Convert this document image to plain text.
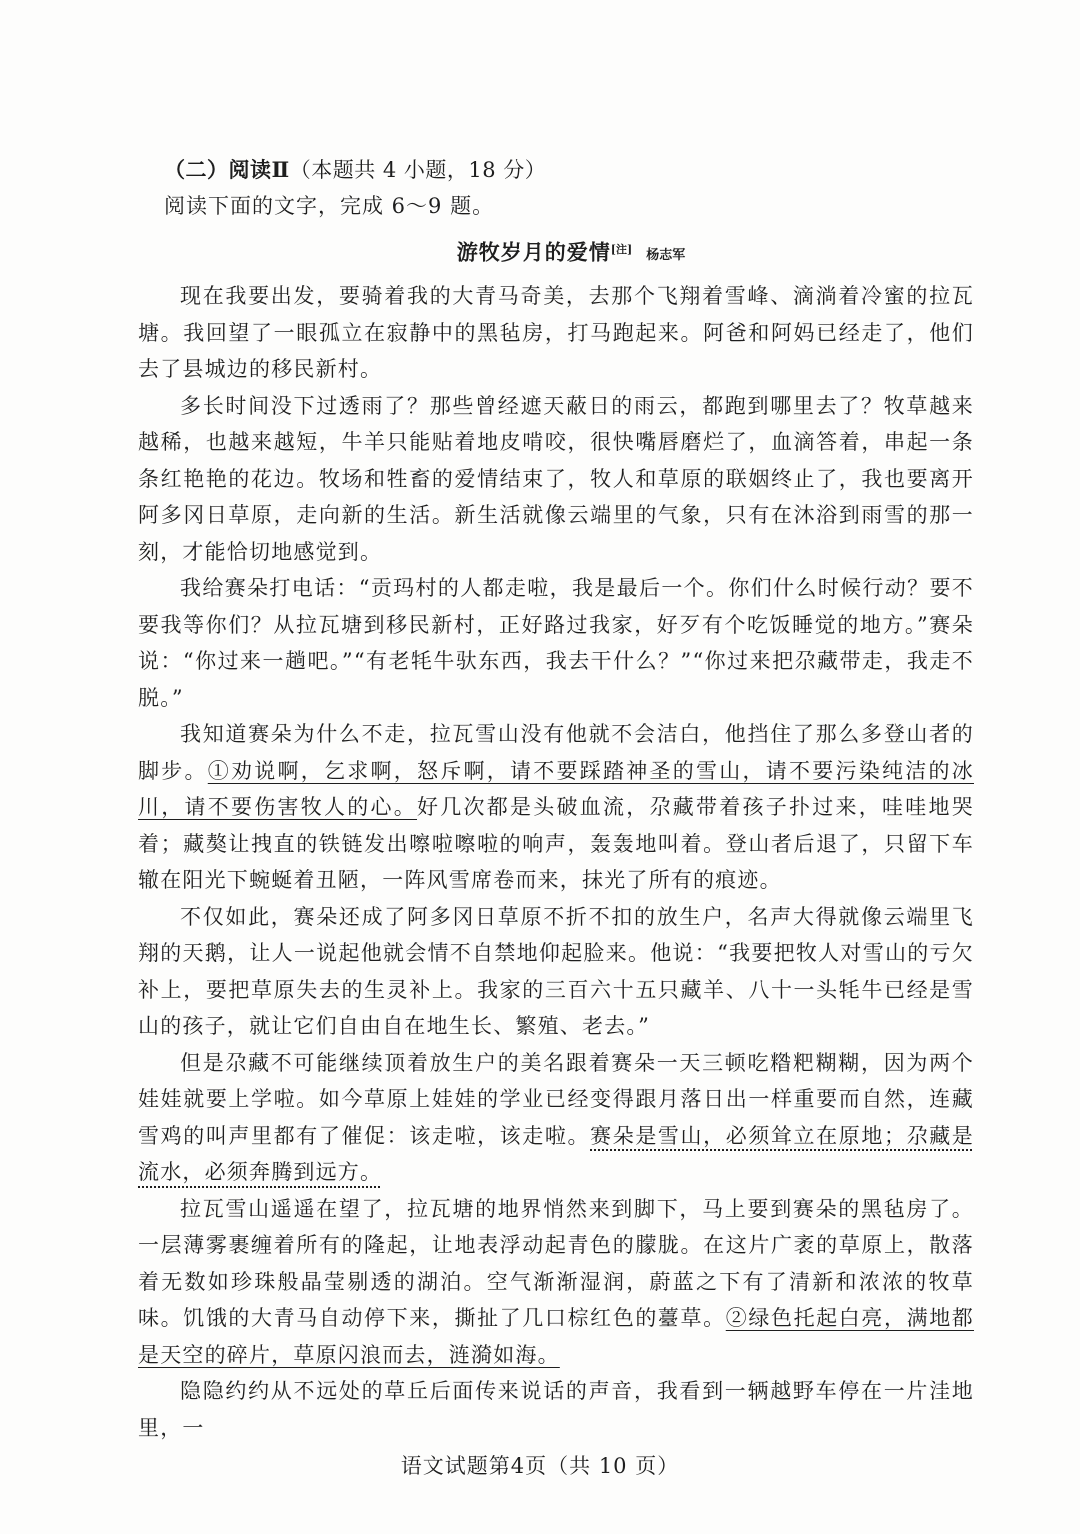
（二）阅读Ⅱ（本题共 4 小题，18 分）

阅读下面的文字，完成 6～9 题。

游牧岁月的爱情[注] 杨志军

现在我要出发，要骑着我的大青马奇美，去那个飞翔着雪峰、滴淌着冷蜜的拉瓦塘。我回望了一眼孤立在寂静中的黑毡房，打马跑起来。阿爸和阿妈已经走了，他们去了县城边的移民新村。

多长时间没下过透雨了？那些曾经遮天蔽日的雨云，都跑到哪里去了？牧草越来越稀，也越来越短，牛羊只能贴着地皮啃咬，很快嘴唇磨烂了，血滴答着，串起一条条红艳艳的花边。牧场和牲畜的爱情结束了，牧人和草原的联姻终止了，我也要离开阿多冈日草原，走向新的生活。新生活就像云端里的气象，只有在沐浴到雨雪的那一刻，才能恰切地感觉到。

我给赛朵打电话：“贡玛村的人都走啦，我是最后一个。你们什么时候行动？要不要我等你们？从拉瓦塘到移民新村，正好路过我家，好歹有个吃饭睡觉的地方。”赛朵说：“你过来一趟吧。”“有老牦牛驮东西，我去干什么？”“你过来把尕藏带走，我走不脱。”

我知道赛朵为什么不走，拉瓦雪山没有他就不会洁白，他挡住了那么多登山者的脚步。①劝说啊，乞求啊，怒斥啊，请不要踩踏神圣的雪山，请不要污染纯洁的冰川，请不要伤害牧人的心。好几次都是头破血流，尕藏带着孩子扑过来，哇哇地哭着；藏獒让拽直的铁链发出嚓啦嚓啦的响声，轰轰地叫着。登山者后退了，只留下车辙在阳光下蜿蜒着丑陋，一阵风雪席卷而来，抹光了所有的痕迹。

不仅如此，赛朵还成了阿多冈日草原不折不扣的放生户，名声大得就像云端里飞翔的天鹅，让人一说起他就会情不自禁地仰起脸来。他说：“我要把牧人对雪山的亏欠补上，要把草原失去的生灵补上。我家的三百六十五只藏羊、八十一头牦牛已经是雪山的孩子，就让它们自由自在地生长、繁殖、老去。”

但是尕藏不可能继续顶着放生户的美名跟着赛朵一天三顿吃糌粑糊糊，因为两个娃娃就要上学啦。如今草原上娃娃的学业已经变得跟月落日出一样重要而自然，连藏雪鸡的叫声里都有了催促：该走啦，该走啦。赛朵是雪山，必须耸立在原地；尕藏是流水，必须奔腾到远方。

拉瓦雪山遥遥在望了，拉瓦塘的地界悄然来到脚下，马上要到赛朵的黑毡房了。一层薄雾裹缠着所有的隆起，让地表浮动起青色的朦胧。在这片广袤的草原上，散落着无数如珍珠般晶莹剔透的湖泊。空气渐渐湿润，蔚蓝之下有了清新和浓浓的牧草味。饥饿的大青马自动停下来，撕扯了几口棕红色的薹草。②绿色托起白亮，满地都是天空的碎片，草原闪浪而去，涟漪如海。

隐隐约约从不远处的草丘后面传来说话的声音，我看到一辆越野车停在一片洼地里，一

语文试题第4页（共 10 页）
